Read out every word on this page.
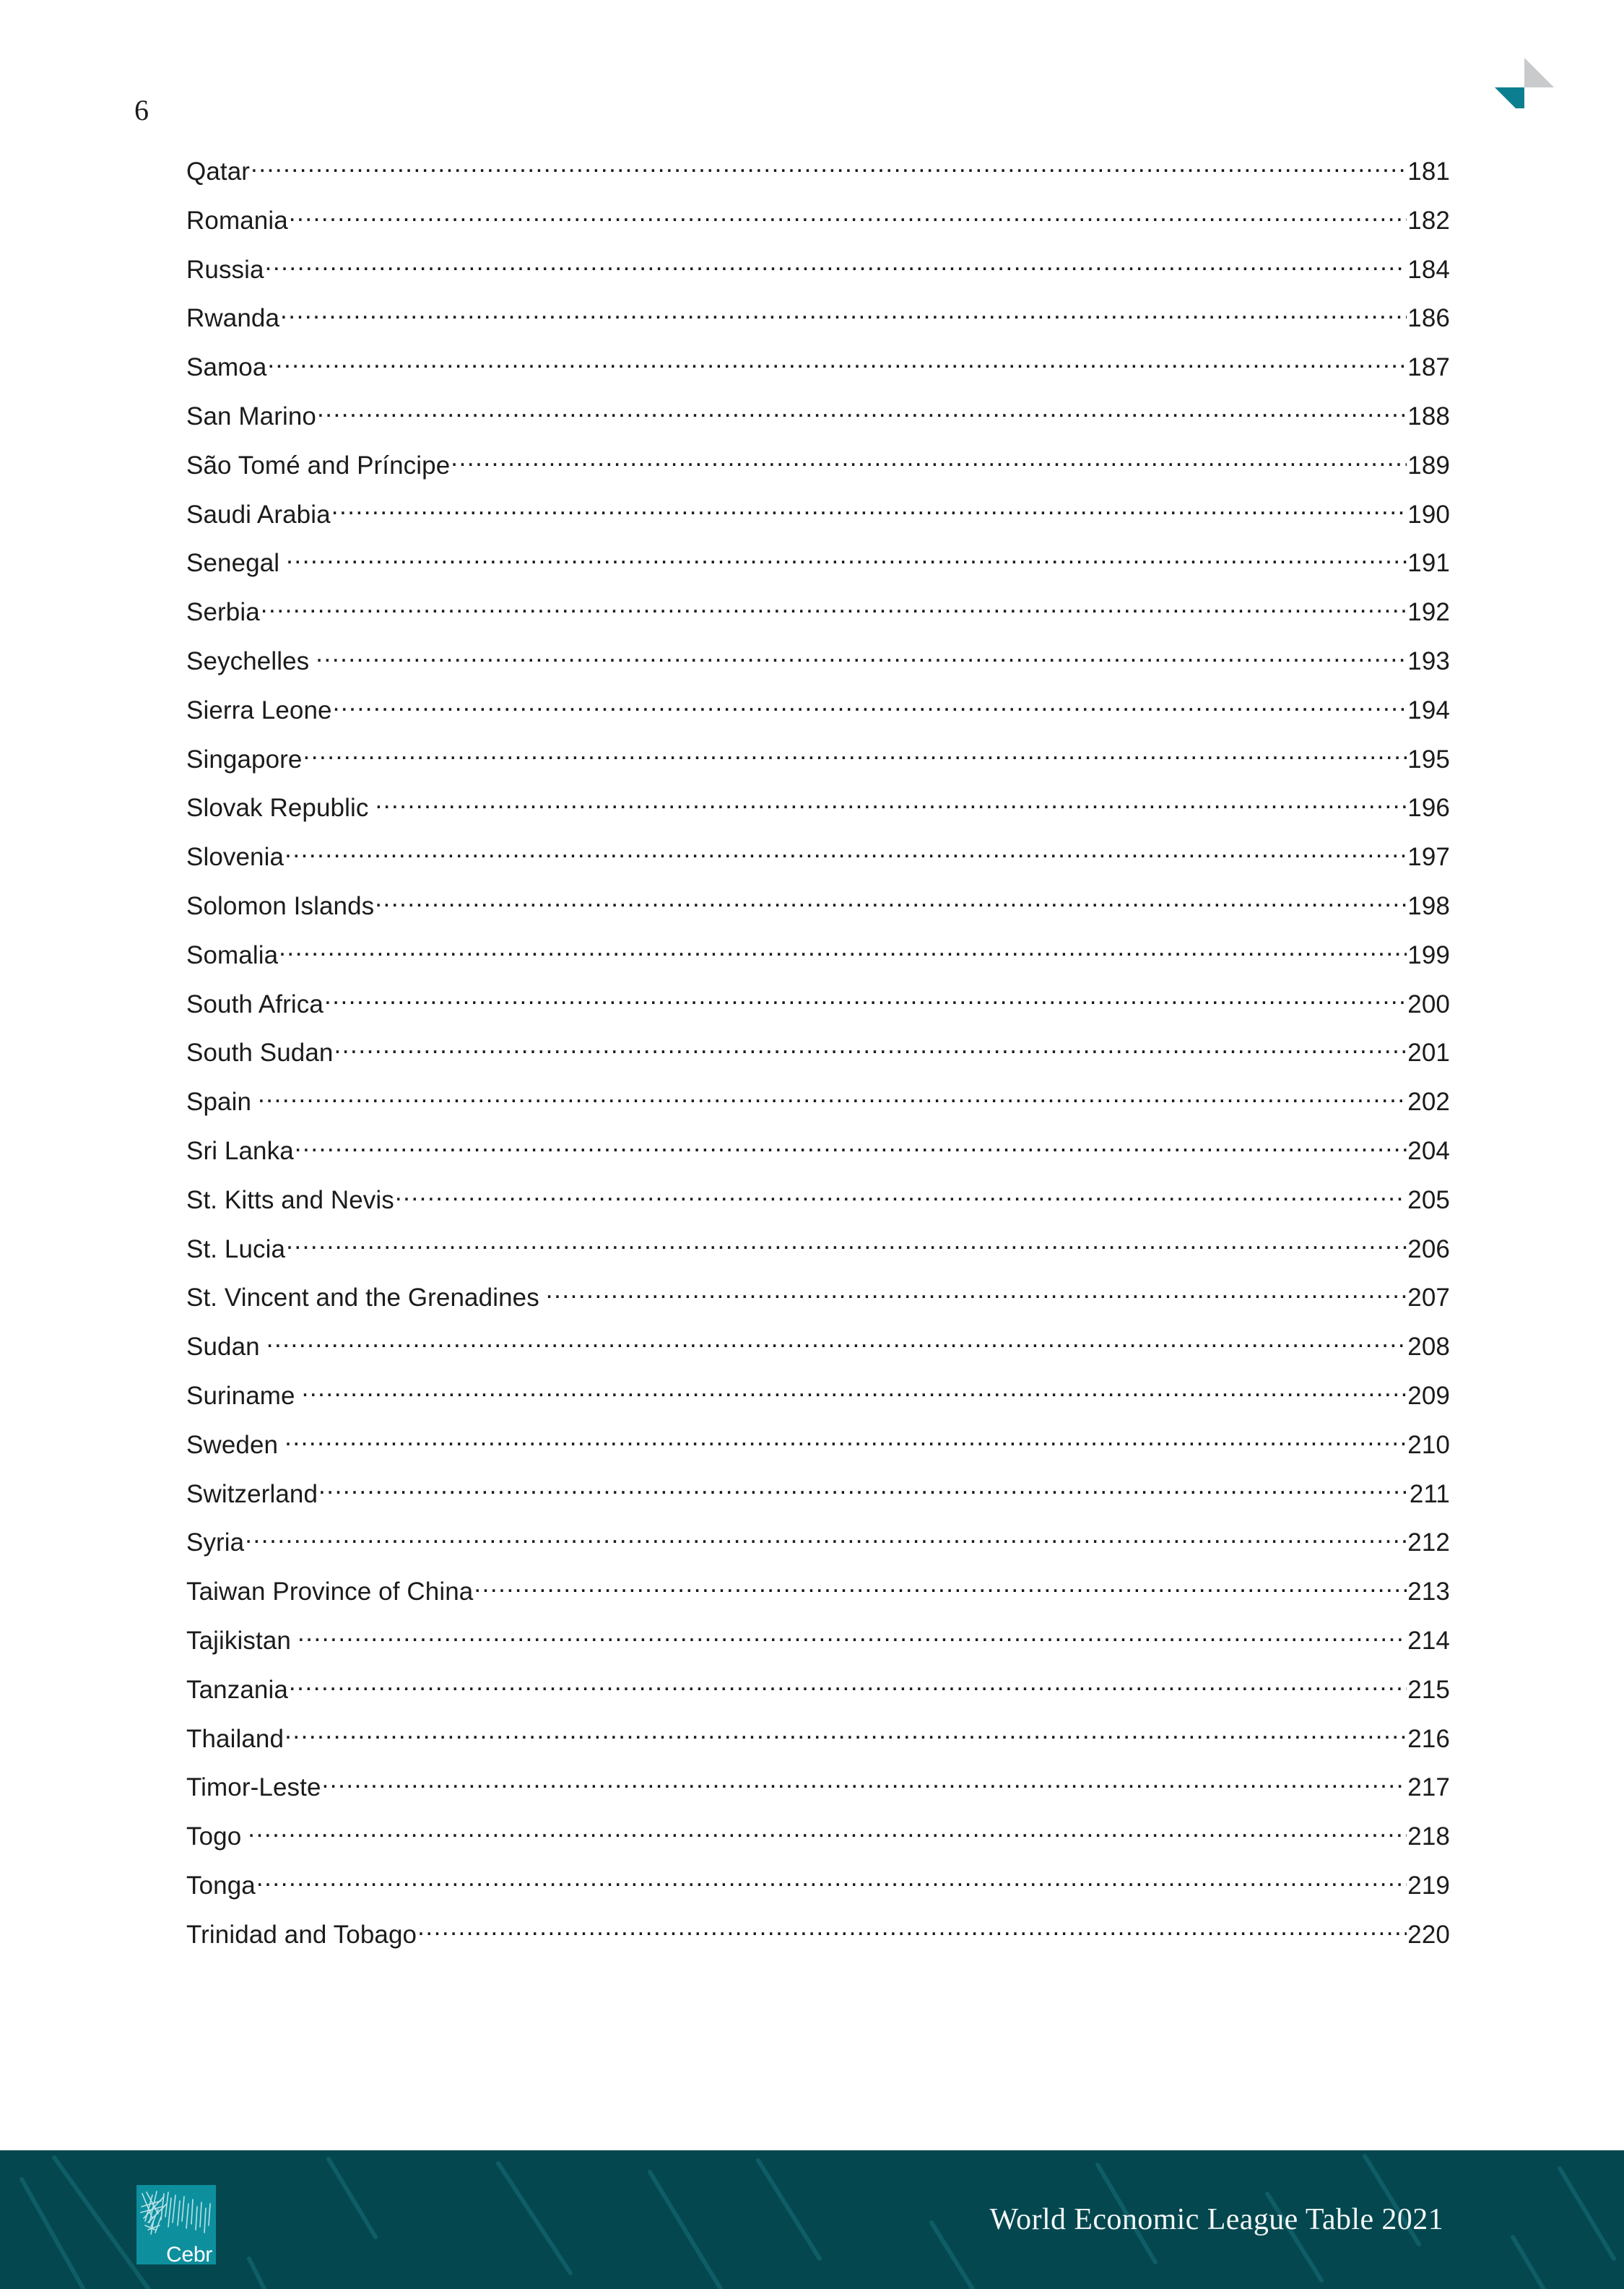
6
Qatar .....	181
Romania .....	182
Russia .....	184
Rwanda .....	186
Samoa .....	187
San Marino .....	188
São Tomé and Príncipe .....	189
Saudi Arabia .....	190
Senegal .....	191
Serbia .....	192
Seychelles .....	193
Sierra Leone .....	194
Singapore .....	195
Slovak Republic .....	196
Slovenia .....	197
Solomon Islands .....	198
Somalia .....	199
South Africa .....	200
South Sudan .....	201
Spain .....	202
Sri Lanka .....	204
St. Kitts and Nevis .....	205
St. Lucia .....	206
St. Vincent and the Grenadines .....	207
Sudan .....	208
Suriname .....	209
Sweden .....	210
Switzerland .....	211
Syria .....	212
Taiwan Province of China .....	213
Tajikistan .....	214
Tanzania .....	215
Thailand .....	216
Timor-Leste .....	217
Togo .....	218
Tonga .....	219
Trinidad and Tobago .....	220
Cebr
World Economic League Table 2021
